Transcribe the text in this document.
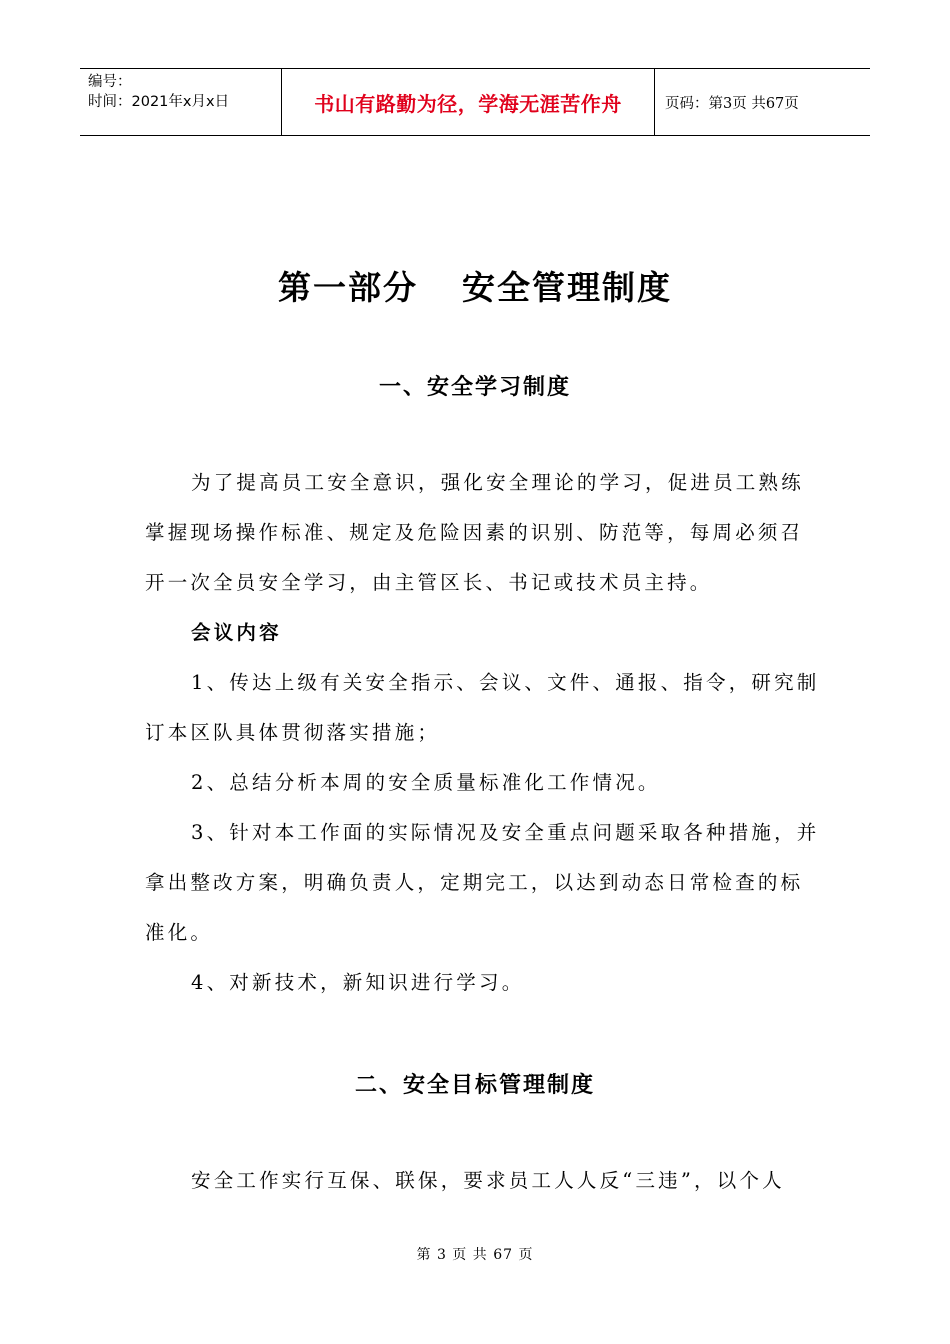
编号：
时间：2021年x月x日	书山有路勤为径，学海无涯苦作舟	页码：第3页 共67页
第一部分 安全管理制度
一、安全学习制度
为了提高员工安全意识，强化安全理论的学习，促进员工熟练
掌握现场操作标准、规定及危险因素的识别、防范等，每周必须召
开一次全员安全学习，由主管区长、书记或技术员主持。
会议内容
1、传达上级有关安全指示、会议、文件、通报、指令，研究制
订本区队具体贯彻落实措施；
2、总结分析本周的安全质量标准化工作情况。
3、针对本工作面的实际情况及安全重点问题采取各种措施，并
拿出整改方案，明确负责人，定期完工，以达到动态日常检查的标
准化。
4、对新技术，新知识进行学习。
二、安全目标管理制度
安全工作实行互保、联保，要求员工人人反“三违”，以个人
第 3 页 共 67 页
